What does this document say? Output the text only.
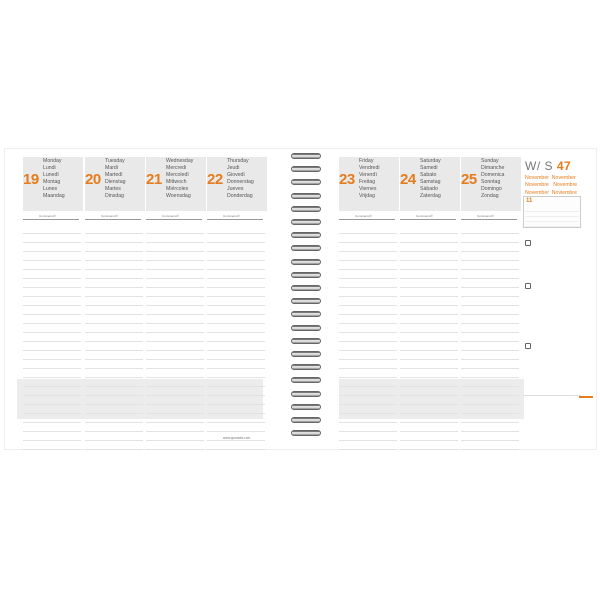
19
Monday
Lundi
Lunedì
Montag
Lunes
Maandag
Commemo®
20
Tuesday
Mardi
Martedì
Dienstag
Martes
Dinsdag
Commemo®
21
Wednesday
Mercredi
Mercoledì
Mittwoch
Miércoles
Woensdag
Commemo®
22
Thursday
Jeudi
Giovedì
Donnerstag
Jueves
Donderdag
Commemo®
www.quovadis.com
23
Friday
Vendredi
Venerdì
Freitag
Viernes
Vrijdag
Commemo®
24
Saturday
Samedi
Sabato
Samstag
Sábado
Zaterdag
Commemo®
25
Sunday
Dimanche
Domenica
Sonntag
Domingo
Zondag
Commemo®
W/ S 47
November  November
Novembre   Novembre
November  Noviembre
11
